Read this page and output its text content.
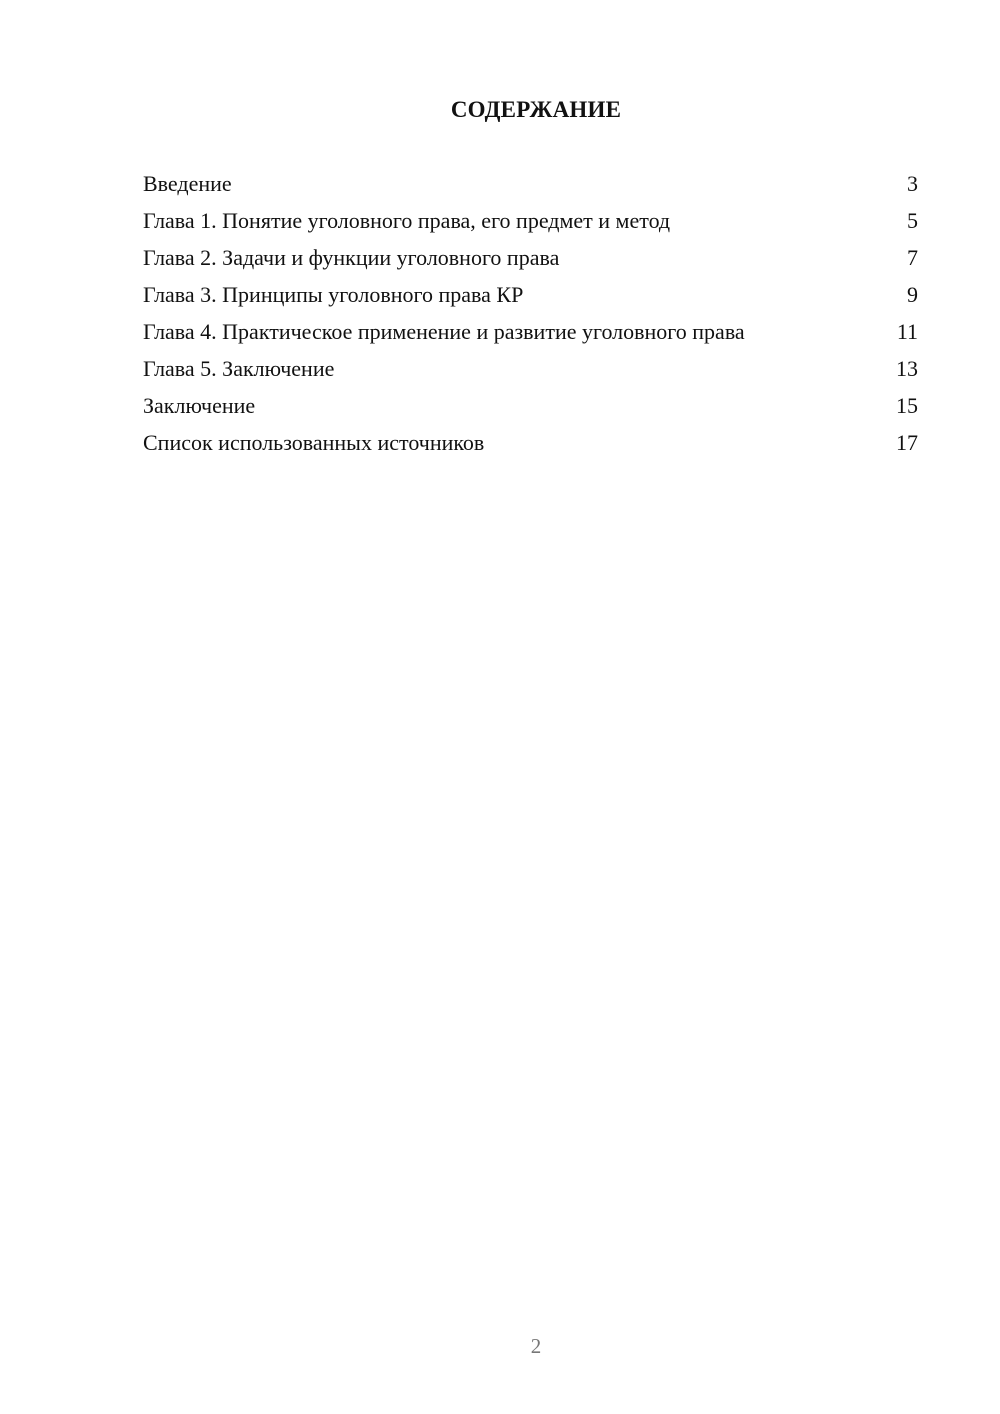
СОДЕРЖАНИЕ
Введение	3
Глава 1. Понятие уголовного права, его предмет и метод	5
Глава 2. Задачи и функции уголовного права	7
Глава 3. Принципы уголовного права КР	9
Глава 4. Практическое применение и развитие уголовного права	11
Глава 5. Заключение	13
Заключение	15
Список использованных источников	17
2
